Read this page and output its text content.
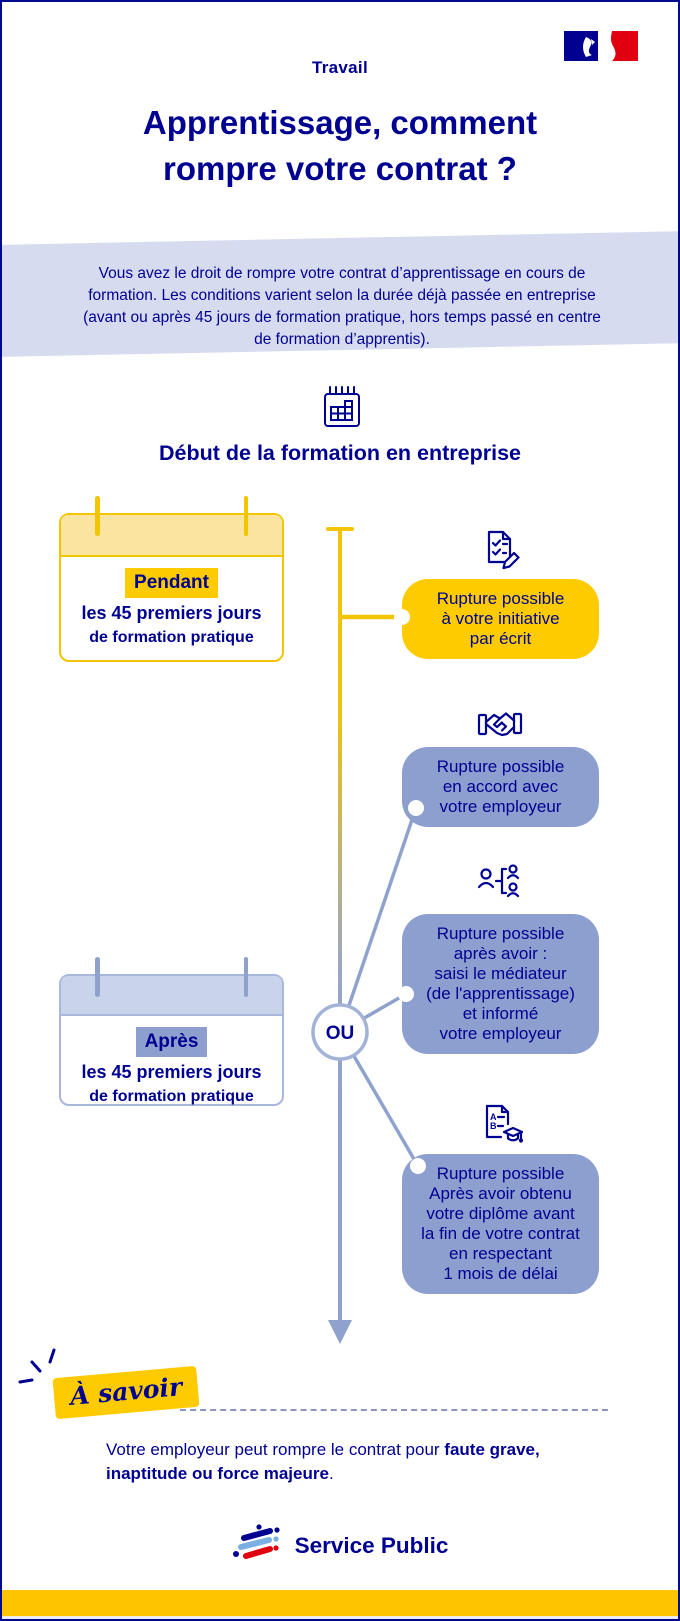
Travail
Apprentissage, comment
rompre votre contrat ?
Vous avez le droit de rompre votre contrat d’apprentissage en cours de formation. Les conditions varient selon la durée déjà passée en entreprise (avant ou après 45 jours de formation pratique, hors temps passé en centre de formation d’apprentis).
Début de la formation en entreprise
OU
Pendant
les 45 premiers jours
de formation pratique
Après
les 45 premiers jours
de formation pratique
A
B
Rupture possible
à votre initiative
par écrit
Rupture possible
en accord avec
votre employeur
Rupture possible
après avoir :
saisi le médiateur
(de l'apprentissage)
et informé
votre employeur
Rupture possible
Après avoir obtenu
votre diplôme avant
la fin de votre contrat
en respectant
1 mois de délai
À savoir
Votre employeur peut rompre le contrat pour faute grave,
inaptitude ou force majeure.
Service Public
